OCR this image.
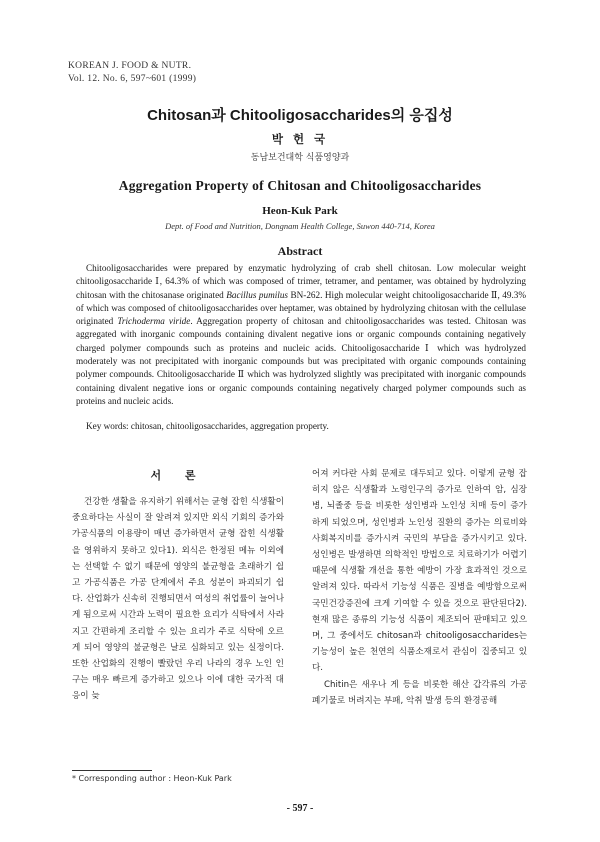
KOREAN J. FOOD & NUTR.
Vol. 12. No. 6, 597~601 (1999)
Chitosan과 Chitooligosaccharides의 응집성
박 헌 국
동남보건대학 식품영양과
Aggregation Property of Chitosan and Chitooligosaccharides
Heon-Kuk Park
Dept. of Food and Nutrition, Dongnam Health College, Suwon 440-714, Korea
Abstract
Chitooligosaccharides were prepared by enzymatic hydrolyzing of crab shell chitosan. Low molecular weight chitooligosaccharide Ⅰ, 64.3% of which was composed of trimer, tetramer, and pentamer, was obtained by hydrolyzing chitosan with the chitosanase originated Bacillus pumilus BN-262. High molecular weight chitooligosaccharide Ⅱ, 49.3% of which was composed of chitooligosaccharides over heptamer, was obtained by hydrolyzing chitosan with the cellulase originated Trichoderma viride. Aggregation property of chitosan and chitooligosaccharides was tested. Chitosan was aggregated with inorganic compounds containing divalent negative ions or organic compounds containing negatively charged polymer compounds such as proteins and nucleic acids. Chitooligosaccharide Ⅰ which was hydrolyzed moderately was not precipitated with inorganic compounds but was precipitated with organic compounds containing polymer compounds. Chitooligosaccharide Ⅱ which was hydrolyzed slightly was precipitated with inorganic compounds containing divalent negative ions or organic compounds containing negatively charged polymer compounds such as proteins and nucleic acids.
Key words: chitosan, chitooligosaccharides, aggregation property.
서 론

건강한 생활을 유지하기 위해서는 균형 잡힌 식생활이 중요하다는 사실이 잘 알려져 있지만 외식 기회의 증가와 가공식품의 이용량이 매년 증가하면서 균형 잡힌 식생활을 영위하지 못하고 있다1). 외식은 한정된 메뉴 이외에는 선택할 수 없기 때문에 영양의 불균형을 초래하기 쉽고 가공식품은 가공 단계에서 주요 성분이 파괴되기 쉽다. 산업화가 신속히 진행되면서 여성의 취업률이 늘어나게 됨으로써 시간과 노력이 필요한 요리가 식탁에서 사라지고 간편하게 조리할 수 있는 요리가 주로 식탁에 오르게 되어 영양의 불균형은 날로 심화되고 있는 실정이다. 또한 산업화의 진행이 빨랐던 우리 나라의 경우 노인 인구는 매우 빠르게 증가하고 있으나 이에 대한 국가적 대응이 늦

어져 커다란 사회 문제로 대두되고 있다. 이렇게 균형 잡히지 않은 식생활과 노령인구의 증가로 인하여 암, 심장병, 뇌졸중 등을 비롯한 성인병과 노인성 치매 등이 증가하게 되었으며, 성인병과 노인성 질환의 증가는 의료비와 사회복지비를 증가시켜 국민의 부담을 증가시키고 있다. 성인병은 발생하면 의학적인 방법으로 치료하기가 어렵기 때문에 식생활 개선을 통한 예방이 가장 효과적인 것으로 알려져 있다. 따라서 기능성 식품은 질병을 예방함으로써 국민건강증진에 크게 기여할 수 있을 것으로 판단된다2). 현재 많은 종류의 기능성 식품이 제조되어 판매되고 있으며, 그 중에서도 chitosan과 chitooligosaccharides는 기능성이 높은 천연의 식품소재로서 관심이 집중되고 있다.

Chitin은 새우나 게 등을 비롯한 해산 갑각류의 가공 폐기물로 버려지는 부패, 악취 발생 등의 환경공해

* Corresponding author : Heon-Kuk Park
- 597 -
